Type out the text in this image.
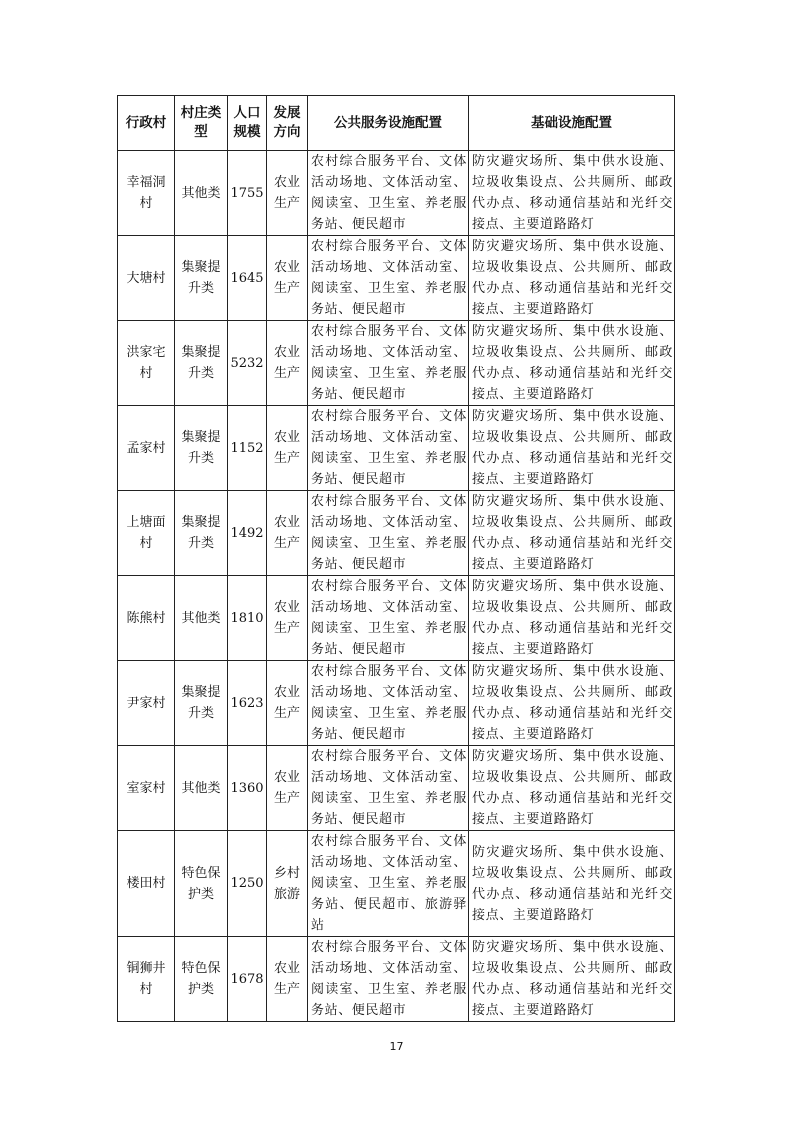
行政村	村庄类型	人口规模	发展方向	公共服务设施配置	基础设施配置
幸福洞村	其他类	1755	农业生产	农村综合服务平台、文体活动场地、文体活动室、阅读室、卫生室、养老服务站、便民超市	防灾避灾场所、集中供水设施、垃圾收集设点、公共厕所、邮政代办点、移动通信基站和光纤交接点、主要道路路灯
大塘村	集聚提升类	1645	农业生产	农村综合服务平台、文体活动场地、文体活动室、阅读室、卫生室、养老服务站、便民超市	防灾避灾场所、集中供水设施、垃圾收集设点、公共厕所、邮政代办点、移动通信基站和光纤交接点、主要道路路灯
洪家宅村	集聚提升类	5232	农业生产	农村综合服务平台、文体活动场地、文体活动室、阅读室、卫生室、养老服务站、便民超市	防灾避灾场所、集中供水设施、垃圾收集设点、公共厕所、邮政代办点、移动通信基站和光纤交接点、主要道路路灯
孟家村	集聚提升类	1152	农业生产	农村综合服务平台、文体活动场地、文体活动室、阅读室、卫生室、养老服务站、便民超市	防灾避灾场所、集中供水设施、垃圾收集设点、公共厕所、邮政代办点、移动通信基站和光纤交接点、主要道路路灯
上塘面村	集聚提升类	1492	农业生产	农村综合服务平台、文体活动场地、文体活动室、阅读室、卫生室、养老服务站、便民超市	防灾避灾场所、集中供水设施、垃圾收集设点、公共厕所、邮政代办点、移动通信基站和光纤交接点、主要道路路灯
陈熊村	其他类	1810	农业生产	农村综合服务平台、文体活动场地、文体活动室、阅读室、卫生室、养老服务站、便民超市	防灾避灾场所、集中供水设施、垃圾收集设点、公共厕所、邮政代办点、移动通信基站和光纤交接点、主要道路路灯
尹家村	集聚提升类	1623	农业生产	农村综合服务平台、文体活动场地、文体活动室、阅读室、卫生室、养老服务站、便民超市	防灾避灾场所、集中供水设施、垃圾收集设点、公共厕所、邮政代办点、移动通信基站和光纤交接点、主要道路路灯
室家村	其他类	1360	农业生产	农村综合服务平台、文体活动场地、文体活动室、阅读室、卫生室、养老服务站、便民超市	防灾避灾场所、集中供水设施、垃圾收集设点、公共厕所、邮政代办点、移动通信基站和光纤交接点、主要道路路灯
楼田村	特色保护类	1250	乡村旅游	农村综合服务平台、文体活动场地、文体活动室、阅读室、卫生室、养老服务站、便民超市、旅游驿站	防灾避灾场所、集中供水设施、垃圾收集设点、公共厕所、邮政代办点、移动通信基站和光纤交接点、主要道路路灯
铜狮井村	特色保护类	1678	农业生产	农村综合服务平台、文体活动场地、文体活动室、阅读室、卫生室、养老服务站、便民超市	防灾避灾场所、集中供水设施、垃圾收集设点、公共厕所、邮政代办点、移动通信基站和光纤交接点、主要道路路灯
17
